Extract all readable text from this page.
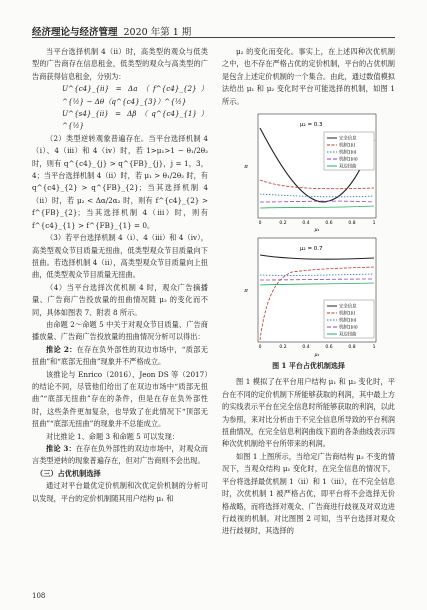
经济理论与经济管理 2020 年第 1 期

当平台选择机制 4（ii）时，高类型的观众与低类型的广告商存在信息租金，低类型的观众与高类型的广告商获得信息租金，分别为：

U^{c4}_{ii} = Δa（f^{c4}_{2}）^{½} − Δθ（q^{c4}_{3}）^{½}

U^{s4}_{ii} = Δβ（q^{c4}_{1}）^{½}

（2）类型逆转观象普遍存在。当平台选择机制 4（i）、4（iii）和 4（iv）时，若 1>μ₁>1 − θ₁/2θ₂ 时，则有 q^{c4}_{j} > q^{FB}_{j}，j = 1，3，4；当平台选择机制 4（ii）时，若 μ₁ > θ₁/2θ₂ 时，有 q^{c4}_{2} > q^{FB}_{2}；当其选择机制 4（ii）时，若 μ₂ < Δα/2α₂ 时，则有 f^{c4}_{2} > f^{FB}_{2}；当其选择机制 4（iii）时，则有 f^{c4}_{1} > f^{FB}_{1} = 0。

（3）若平台选择机制 4（i）、4（iii）和 4（iv），高类型观众节目质量无扭曲，低类型观众节目质量向下扭曲。若选择机制 4（ii），高类型观众节目质量向上扭曲，低类型观众节目质量无扭曲。

（4）当平台选择次优机制 4 时，观众广告摘播量、广告商广告投放量的扭曲情况随 μ₂ 的变化而不同，具体如图表 7、附表 8 所示。

由命题 2～命题 5 中关于对观众节目质量、广告商播放量、广告商广告投放量的扭曲情况分析可以得出：

推论 2：在存在负外部性的双边市场中，“质部无扭曲”和“底部无扭曲”现象并不严格成立。

该推论与 Enrico（2016）、Jeon DS 等（2017）的结论不同，尽管他们给出了在双边市场中“质部无扭曲”“底部无扭曲”存在的条件，但是在存在负外部性时，这些条件更加复杂，也导致了在此情况下“顶部无扭曲”“底部无扭曲”的现象并不总能成立。

对比推论 1、命题 3 和命题 5 可以发现：

推论 3：在存在负外部性的双边市场中，对观众而言类型逆转的现象普遍存在，但对广告商则不会出现。

（三）占优机制选择

通过对平台最优定价机制和次优定价机制的分析可以发现，平台的定价机制随其用户结构 μ₁ 和

μ₂ 的变化而变化。事实上，在上述四种次优机制之中，也不存在严格占优的定价机制，平台的占优机制是包含上述定价机制的一个集合。由此，通过数值模拟法给出 μ₁ 和 μ₂ 变化时平台可能选择的机制，如图 1 所示。

μ₂ = 0.3
完全信息
机制1(i)
机制1(ii)
机制1(iii)
双边扭曲
0	0.2	0.4	0.6	0.8	1
μ₁
π
μ₂ = 0.7
完全信息
机制1(i)
机制1(ii)
机制1(iii)
双边扭曲
0	0.2	0.4	0.6	0.8	1
μ₁
π
图 1 平台占优机制选择

图 1 模拟了在平台用户结构 μ₁ 和 μ₂ 变化时，平台在不同的定价机制下所能够获取的利润，其中最上方的实线表示平台在完全信息时所能够获取的利润，以此为参照，来对比分析由于不完全信息所导致的平台利润扭曲情况，在完全信息利润曲线下面的各条曲线表示四种次优机制给平台所带来的利润。

如图 1 上图所示，当给定广告商结构 μ₂ 不变的情况下，当观众结构 μ₁ 变化时，在完全信息的情况下，平台将选择最优机制 1（ii）和 1（iii），在不完全信息时，次优机制 1 被严格占优，即平台将不会选择无价格战略，而将选择对观众、广告商进行歧视及对双边进行歧视的机制。对比图图 2 可知，当平台选择对观众进行歧视时，其选择的

108
